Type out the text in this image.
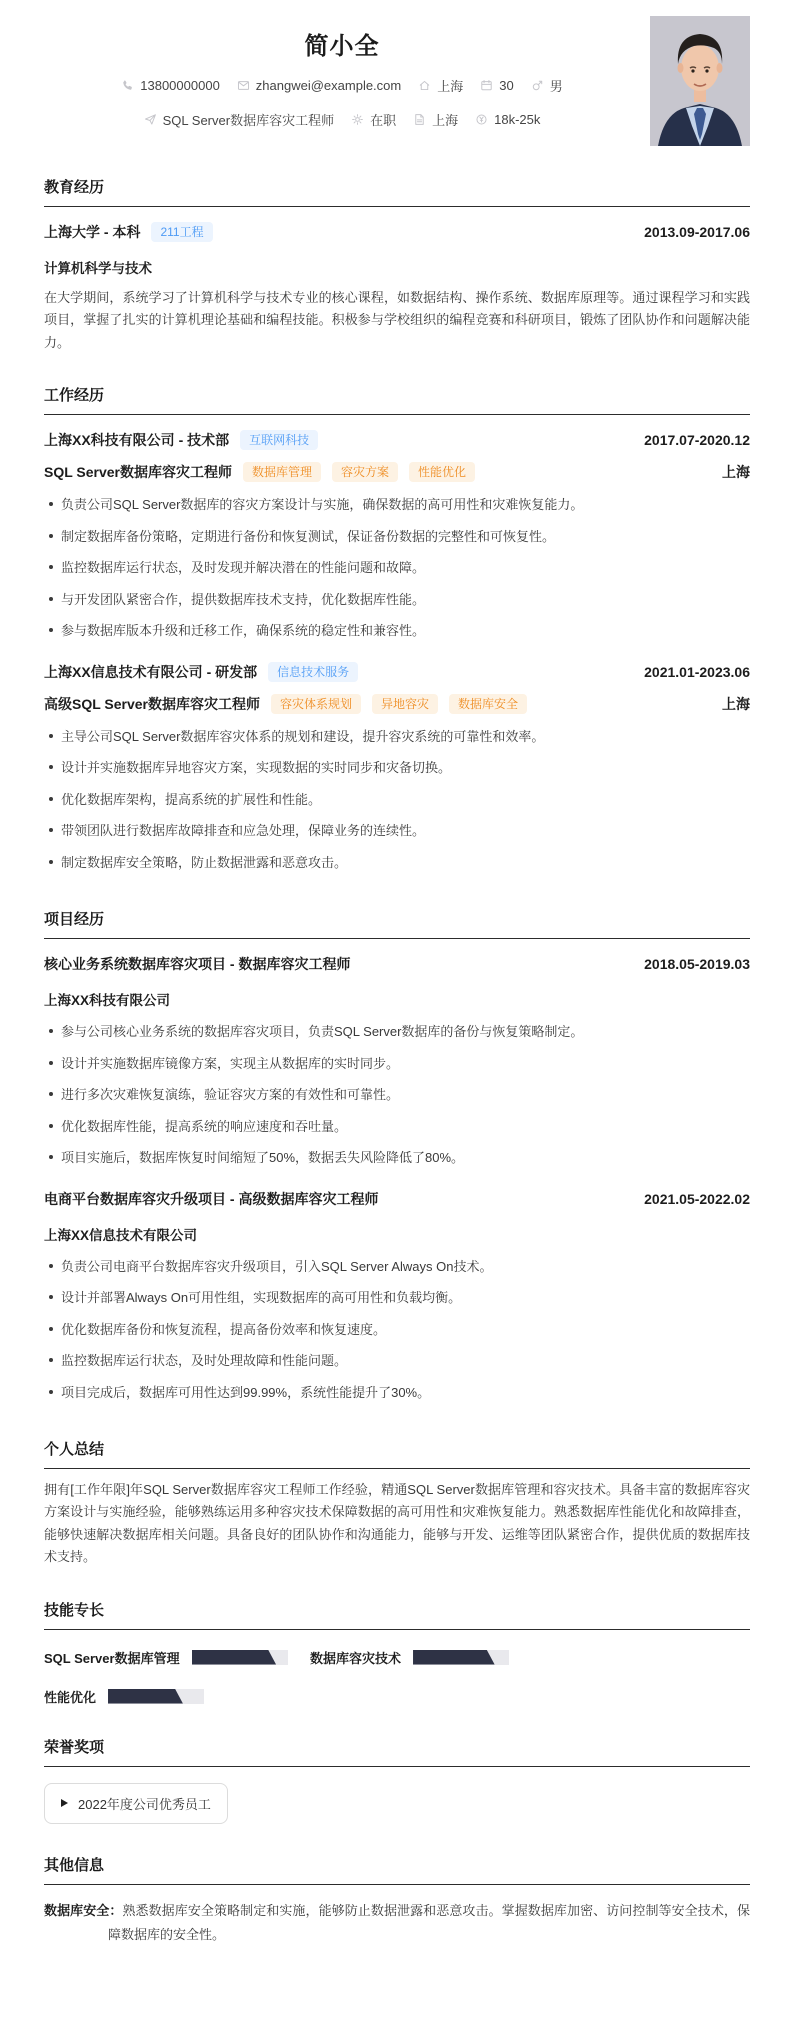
简小全
13800000000	zhangwei@example.com	上海	30	男
SQL Server数据库容灾工程师	在职	上海	18k-25k
教育经历
上海大学 - 本科	211工程	2013.09-2017.06
计算机科学与技术

在大学期间，系统学习了计算机科学与技术专业的核心课程，如数据结构、操作系统、数据库原理等。通过课程学习和实践项目，掌握了扎实的计算机理论基础和编程技能。积极参与学校组织的编程竞赛和科研项目，锻炼了团队协作和问题解决能力。

工作经历
上海XX科技有限公司 - 技术部	互联网科技	2017.07-2020.12
SQL Server数据库容灾工程师	数据库管理	容灾方案	性能优化	上海
负责公司SQL Server数据库的容灾方案设计与实施，确保数据的高可用性和灾难恢复能力。
制定数据库备份策略，定期进行备份和恢复测试，保证备份数据的完整性和可恢复性。
监控数据库运行状态，及时发现并解决潜在的性能问题和故障。
与开发团队紧密合作，提供数据库技术支持，优化数据库性能。
参与数据库版本升级和迁移工作，确保系统的稳定性和兼容性。
上海XX信息技术有限公司 - 研发部	信息技术服务	2021.01-2023.06
高级SQL Server数据库容灾工程师	容灾体系规划	异地容灾	数据库安全	上海
主导公司SQL Server数据库容灾体系的规划和建设，提升容灾系统的可靠性和效率。
设计并实施数据库异地容灾方案，实现数据的实时同步和灾备切换。
优化数据库架构，提高系统的扩展性和性能。
带领团队进行数据库故障排查和应急处理，保障业务的连续性。
制定数据库安全策略，防止数据泄露和恶意攻击。
项目经历
核心业务系统数据库容灾项目 - 数据库容灾工程师	2018.05-2019.03
上海XX科技有限公司
参与公司核心业务系统的数据库容灾项目，负责SQL Server数据库的备份与恢复策略制定。
设计并实施数据库镜像方案，实现主从数据库的实时同步。
进行多次灾难恢复演练，验证容灾方案的有效性和可靠性。
优化数据库性能，提高系统的响应速度和吞吐量。
项目实施后，数据库恢复时间缩短了50%，数据丢失风险降低了80%。
电商平台数据库容灾升级项目 - 高级数据库容灾工程师	2021.05-2022.02
上海XX信息技术有限公司
负责公司电商平台数据库容灾升级项目，引入SQL Server Always On技术。
设计并部署Always On可用性组，实现数据库的高可用性和负载均衡。
优化数据库备份和恢复流程，提高备份效率和恢复速度。
监控数据库运行状态，及时处理故障和性能问题。
项目完成后，数据库可用性达到99.99%，系统性能提升了30%。
个人总结

拥有[工作年限]年SQL Server数据库容灾工程师工作经验，精通SQL Server数据库管理和容灾技术。具备丰富的数据库容灾方案设计与实施经验，能够熟练运用多种容灾技术保障数据的高可用性和灾难恢复能力。熟悉数据库性能优化和故障排查，能够快速解决数据库相关问题。具备良好的团队协作和沟通能力，能够与开发、运维等团队紧密合作，提供优质的数据库技术支持。

技能专长
SQL Server数据库管理	数据库容灾技术
性能优化
荣誉奖项
2022年度公司优秀员工
其他信息

数据库安全：熟悉数据库安全策略制定和实施，能够防止数据泄露和恶意攻击。掌握数据库加密、访问控制等安全技术，保障数据库的安全性。
